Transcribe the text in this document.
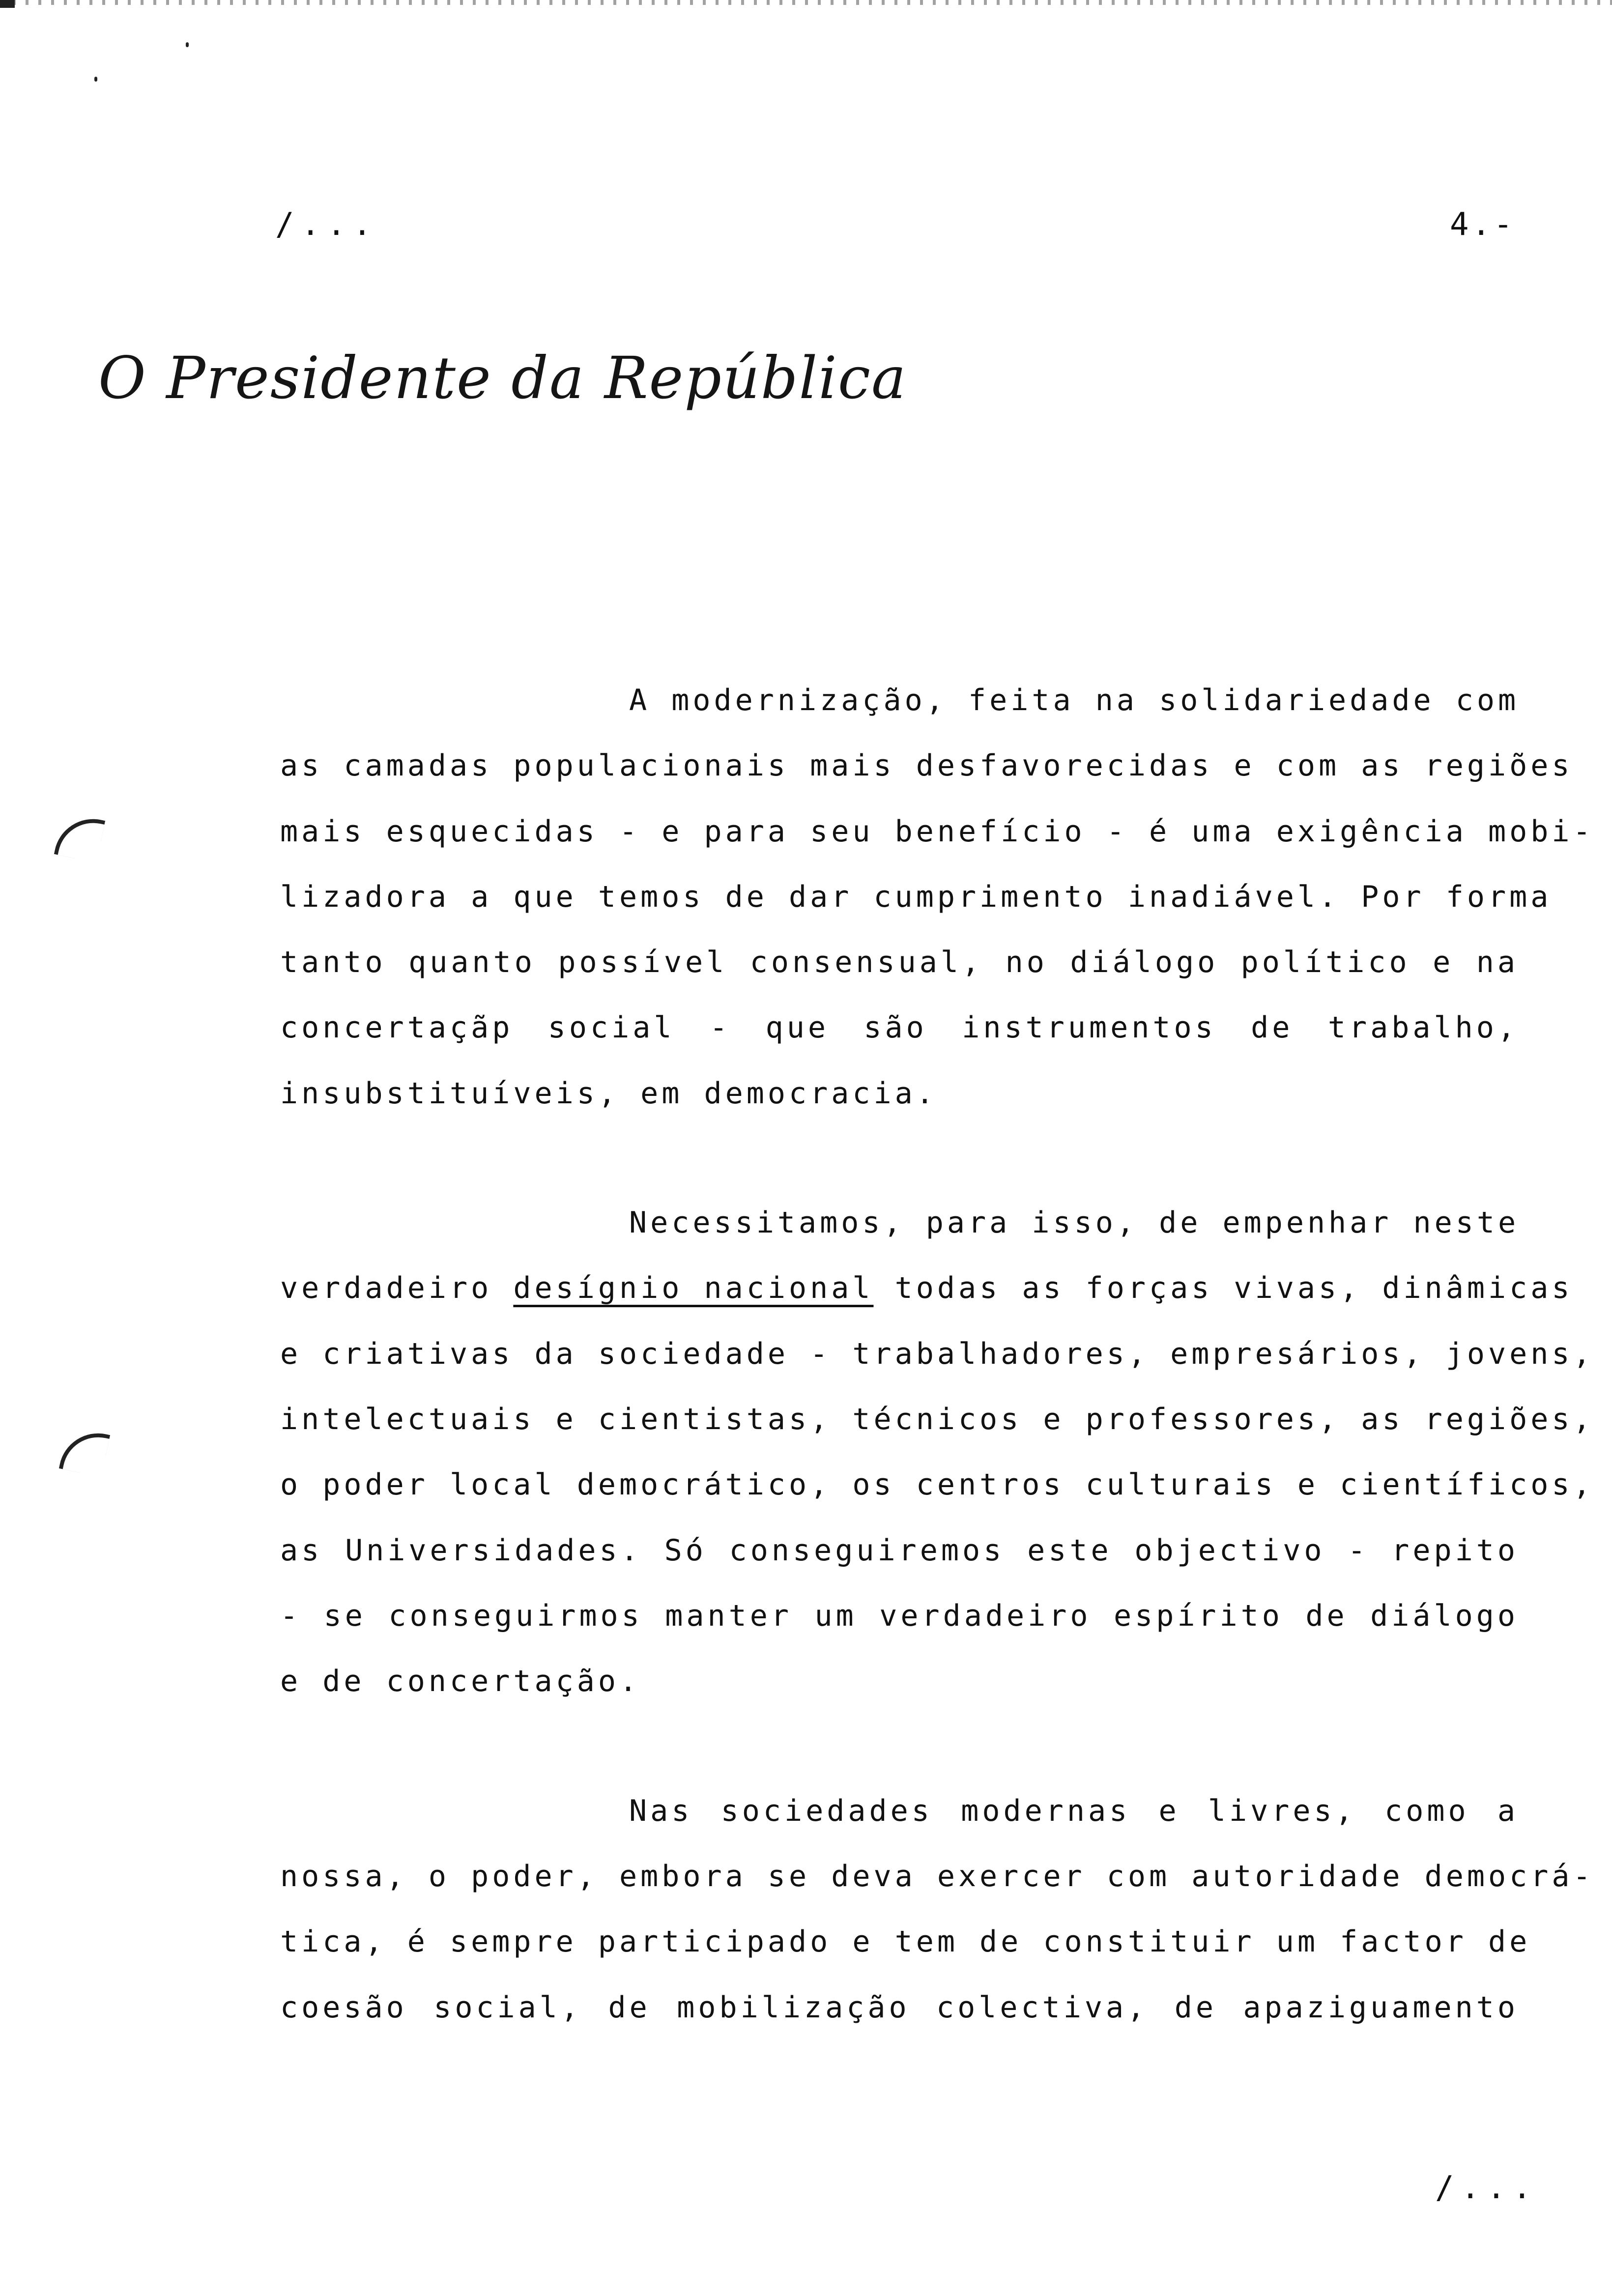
/...	4.-
O Presidente da República
A modernização, feita na solidariedade com
as camadas populacionais mais desfavorecidas e com as regiões
mais esquecidas - e para seu benefício - é uma exigência mobi-
lizadora a que temos de dar cumprimento inadiável. Por forma
tanto quanto possível consensual, no diálogo político e na
concertaçãp social - que são instrumentos de trabalho,
insubstituíveis, em democracia.
Necessitamos, para isso, de empenhar neste
verdadeiro desígnio nacional todas as forças vivas, dinâmicas
e criativas da sociedade - trabalhadores, empresários, jovens,
intelectuais e cientistas, técnicos e professores, as regiões,
o poder local democrático, os centros culturais e científicos,
as Universidades. Só conseguiremos este objectivo - repito
- se conseguirmos manter um verdadeiro espírito de diálogo
e de concertação.
Nas sociedades modernas e livres, como a
nossa, o poder, embora se deva exercer com autoridade democrá-
tica, é sempre participado e tem de constituir um factor de
coesão social, de mobilização colectiva, de apaziguamento
/...
